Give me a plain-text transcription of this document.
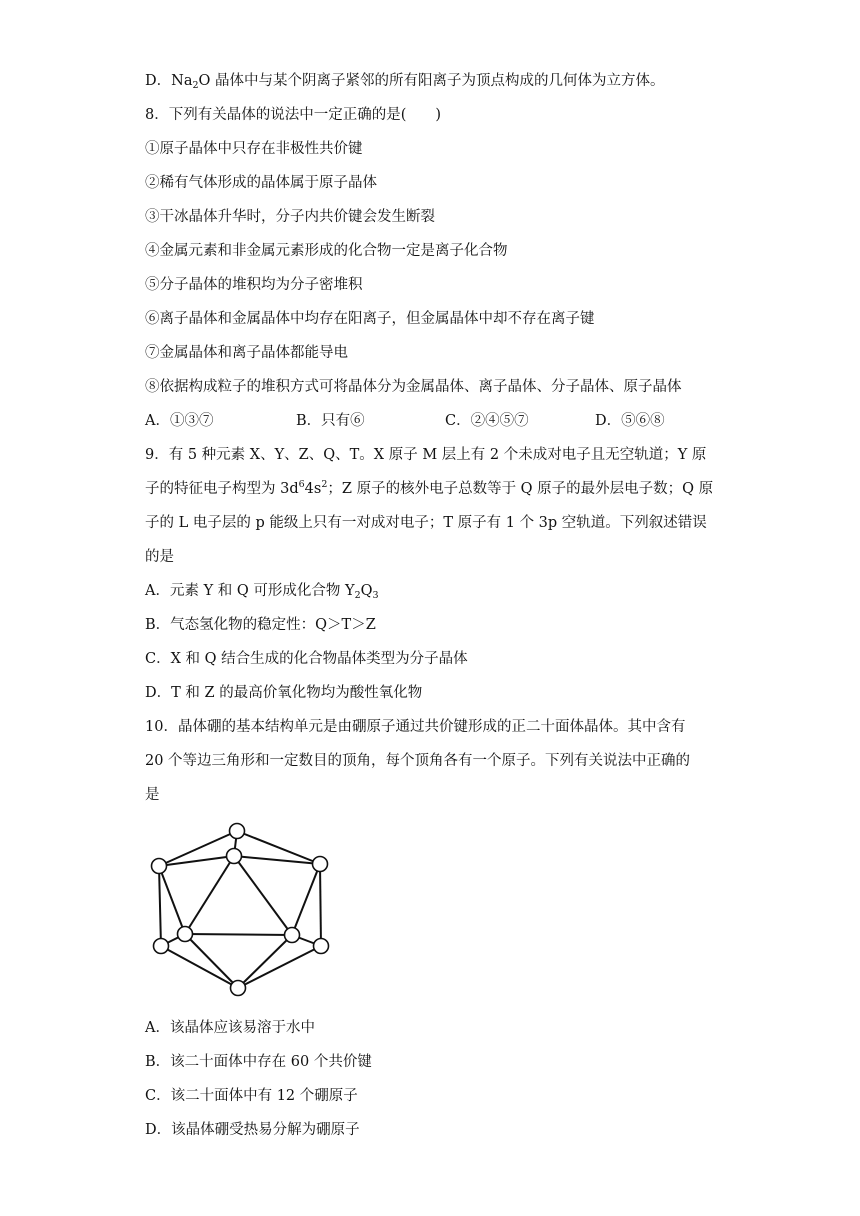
D．$Na_2O$ 晶体中与某个阴离子紧邻的所有阳离子为顶点构成的几何体为立方体。
8．下列有关晶体的说法中一定正确的是(　　)
①原子晶体中只存在非极性共价键
②稀有气体形成的晶体属于原子晶体
③干冰晶体升华时，分子内共价键会发生断裂
④金属元素和非金属元素形成的化合物一定是离子化合物
⑤分子晶体的堆积均为分子密堆积
⑥离子晶体和金属晶体中均存在阳离子，但金属晶体中却不存在离子键
⑦金属晶体和离子晶体都能导电
⑧依据构成粒子的堆积方式可将晶体分为金属晶体、离子晶体、分子晶体、原子晶体
A．①③⑦	B．只有⑥	C．②④⑤⑦	D．⑤⑥⑧
9．有 5 种元素 X、Y、Z、Q、T。X 原子 M 层上有 2 个未成对电子且无空轨道；Y 原
子的特征电子构型为 $3d^64s^2$；Z 原子的核外电子总数等于 Q 原子的最外层电子数；Q 原
子的 L 电子层的 p 能级上只有一对成对电子；T 原子有 1 个 3p 空轨道。下列叙述错误
的是
A．元素 Y 和 Q 可形成化合物 $Y_2Q_3$
B．气态氢化物的稳定性：Q＞T＞Z
C．X 和 Q 结合生成的化合物晶体类型为分子晶体
D．T 和 Z 的最高价氧化物均为酸性氧化物
10．晶体硼的基本结构单元是由硼原子通过共价键形成的正二十面体晶体。其中含有
20 个等边三角形和一定数目的顶角，每个顶角各有一个原子。下列有关说法中正确的
是
A．该晶体应该易溶于水中
B．该二十面体中存在 60 个共价键
C．该二十面体中有 12 个硼原子
D．该晶体硼受热易分解为硼原子
